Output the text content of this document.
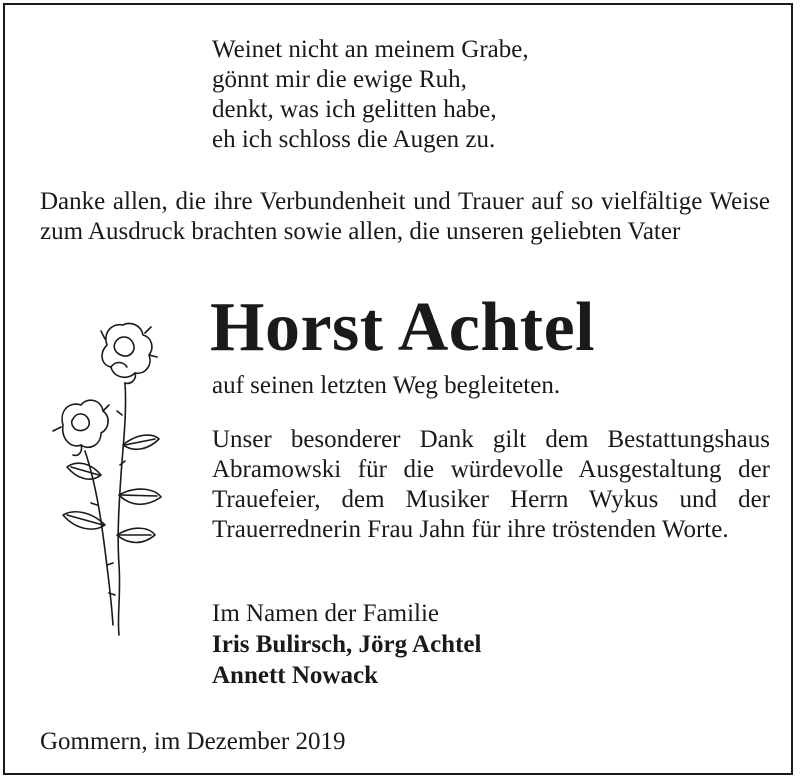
Weinet nicht an meinem Grabe,
gönnt mir die ewige Ruh,
denkt, was ich gelitten habe,
eh ich schloss die Augen zu.
Danke allen, die ihre Verbundenheit und Trauer auf so vielfältige Weise zum Ausdruck brachten sowie allen, die unseren geliebten Vater
Horst Achtel
auf seinen letzten Weg begleiteten.
Unser besonderer Dank gilt dem Bestattungshaus Abramowski für die würdevolle Ausgestaltung der Trauefeier, dem Musiker Herrn Wykus und der Trauerrednerin Frau Jahn für ihre tröstenden Worte.
Im Namen der Familie
Iris Bulirsch, Jörg Achtel
Annett Nowack
Gommern, im Dezember 2019
